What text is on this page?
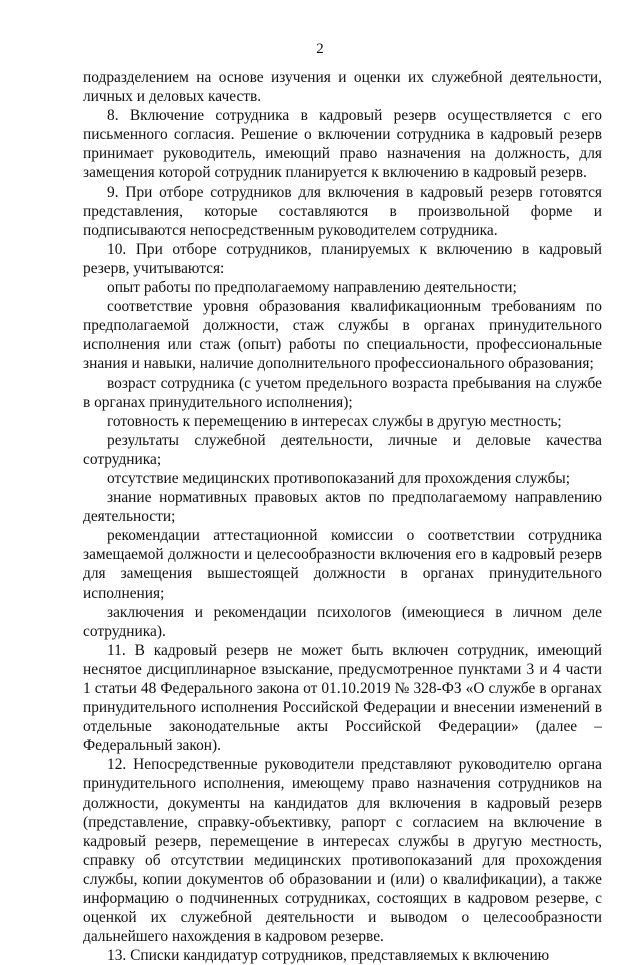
2

подразделением на основе изучения и оценки их служебной деятельности, личных и деловых качеств.

8. Включение сотрудника в кадровый резерв осуществляется с его письменного согласия. Решение о включении сотрудника в кадровый резерв принимает руководитель, имеющий право назначения на должность, для замещения которой сотрудник планируется к включению в кадровый резерв.

9. При отборе сотрудников для включения в кадровый резерв готовятся представления, которые составляются в произвольной форме и подписываются непосредственным руководителем сотрудника.

10. При отборе сотрудников, планируемых к включению в кадровый резерв, учитываются:

опыт работы по предполагаемому направлению деятельности;

соответствие уровня образования квалификационным требованиям по предполагаемой должности, стаж службы в органах принудительного исполнения или стаж (опыт) работы по специальности, профессиональные знания и навыки, наличие дополнительного профессионального образования;

возраст сотрудника (с учетом предельного возраста пребывания на службе в органах принудительного исполнения);

готовность к перемещению в интересах службы в другую местность;

результаты служебной деятельности, личные и деловые качества сотрудника;

отсутствие медицинских противопоказаний для прохождения службы;

знание нормативных правовых актов по предполагаемому направлению деятельности;

рекомендации аттестационной комиссии о соответствии сотрудника замещаемой должности и целесообразности включения его в кадровый резерв для замещения вышестоящей должности в органах принудительного исполнения;

заключения и рекомендации психологов (имеющиеся в личном деле сотрудника).

11. В кадровый резерв не может быть включен сотрудник, имеющий неснятое дисциплинарное взыскание, предусмотренное пунктами 3 и 4 части 1 статьи 48 Федерального закона от 01.10.2019 № 328-ФЗ «О службе в органах принудительного исполнения Российской Федерации и внесении изменений в отдельные законодательные акты Российской Федерации» (далее – Федеральный закон).

12. Непосредственные руководители представляют руководителю органа принудительного исполнения, имеющему право назначения сотрудников на должности, документы на кандидатов для включения в кадровый резерв (представление, справку-объективку, рапорт с согласием на включение в кадровый резерв, перемещение в интересах службы в другую местность, справку об отсутствии медицинских противопоказаний для прохождения службы, копии документов об образовании и (или) о квалификации), а также информацию о подчиненных сотрудниках, состоящих в кадровом резерве, с оценкой их служебной деятельности и выводом о целесообразности дальнейшего нахождения в кадровом резерве.

13. Списки кандидатур сотрудников, представляемых к включению
